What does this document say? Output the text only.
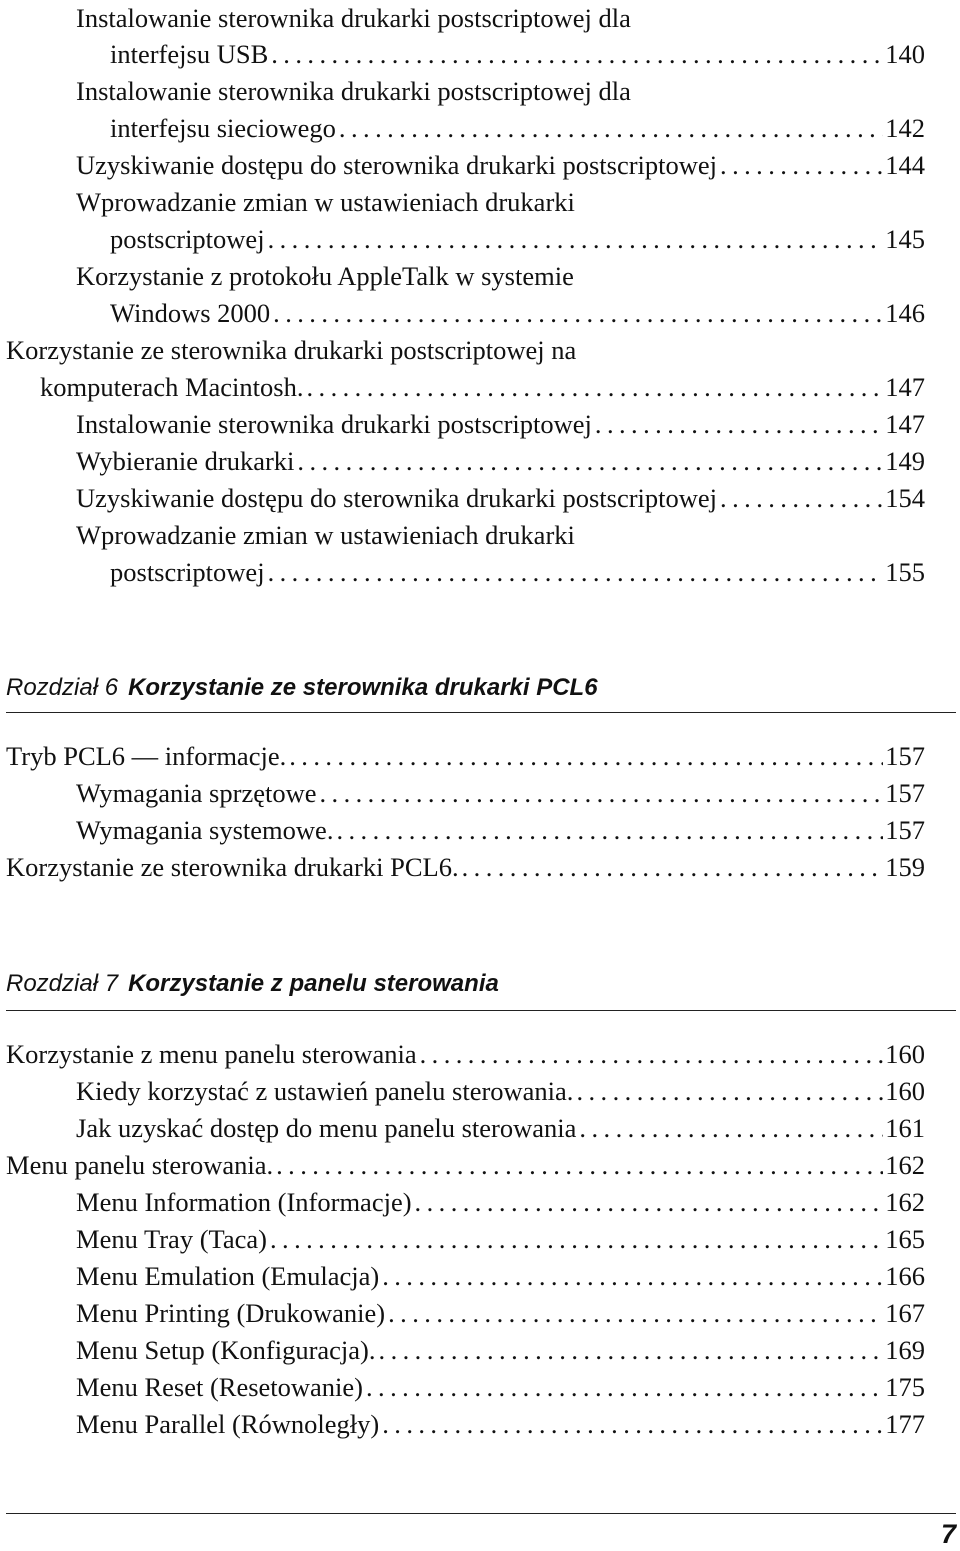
Instalowanie sterownika drukarki postscriptowej dla
interfejsu USB . . .	140
Instalowanie sterownika drukarki postscriptowej dla
interfejsu sieciowego . . .	142
Uzyskiwanie dostępu do sterownika drukarki postscriptowej . . .	144
Wprowadzanie zmian w ustawieniach drukarki
postscriptowej . . .	145
Korzystanie z protokołu AppleTalk w systemie
Windows 2000 . . .	146
Korzystanie ze sterownika drukarki postscriptowej na
komputerach Macintosh. . . .	147
Instalowanie sterownika drukarki postscriptowej . . .	147
Wybieranie drukarki . . .	149
Uzyskiwanie dostępu do sterownika drukarki postscriptowej . . .	154
Wprowadzanie zmian w ustawieniach drukarki
postscriptowej . . .	155
Rozdział 6 Korzystanie ze sterownika drukarki PCL6
Tryb PCL6 — informacje. . . .	157
Wymagania sprzętowe . . .	157
Wymagania systemowe. . . .	157
Korzystanie ze sterownika drukarki PCL6. . . .	159
Rozdział 7 Korzystanie z panelu sterowania
Korzystanie z menu panelu sterowania . . .	160
Kiedy korzystać z ustawień panelu sterowania. . . .	160
Jak uzyskać dostęp do menu panelu sterowania . . .	161
Menu panelu sterowania. . . .	162
Menu Information (Informacje) . . .	162
Menu Tray (Taca) . . .	165
Menu Emulation (Emulacja) . . .	166
Menu Printing (Drukowanie) . . .	167
Menu Setup (Konfiguracja). . . .	169
Menu Reset (Resetowanie) . . .	175
Menu Parallel (Równoległy) . . .	177
7
